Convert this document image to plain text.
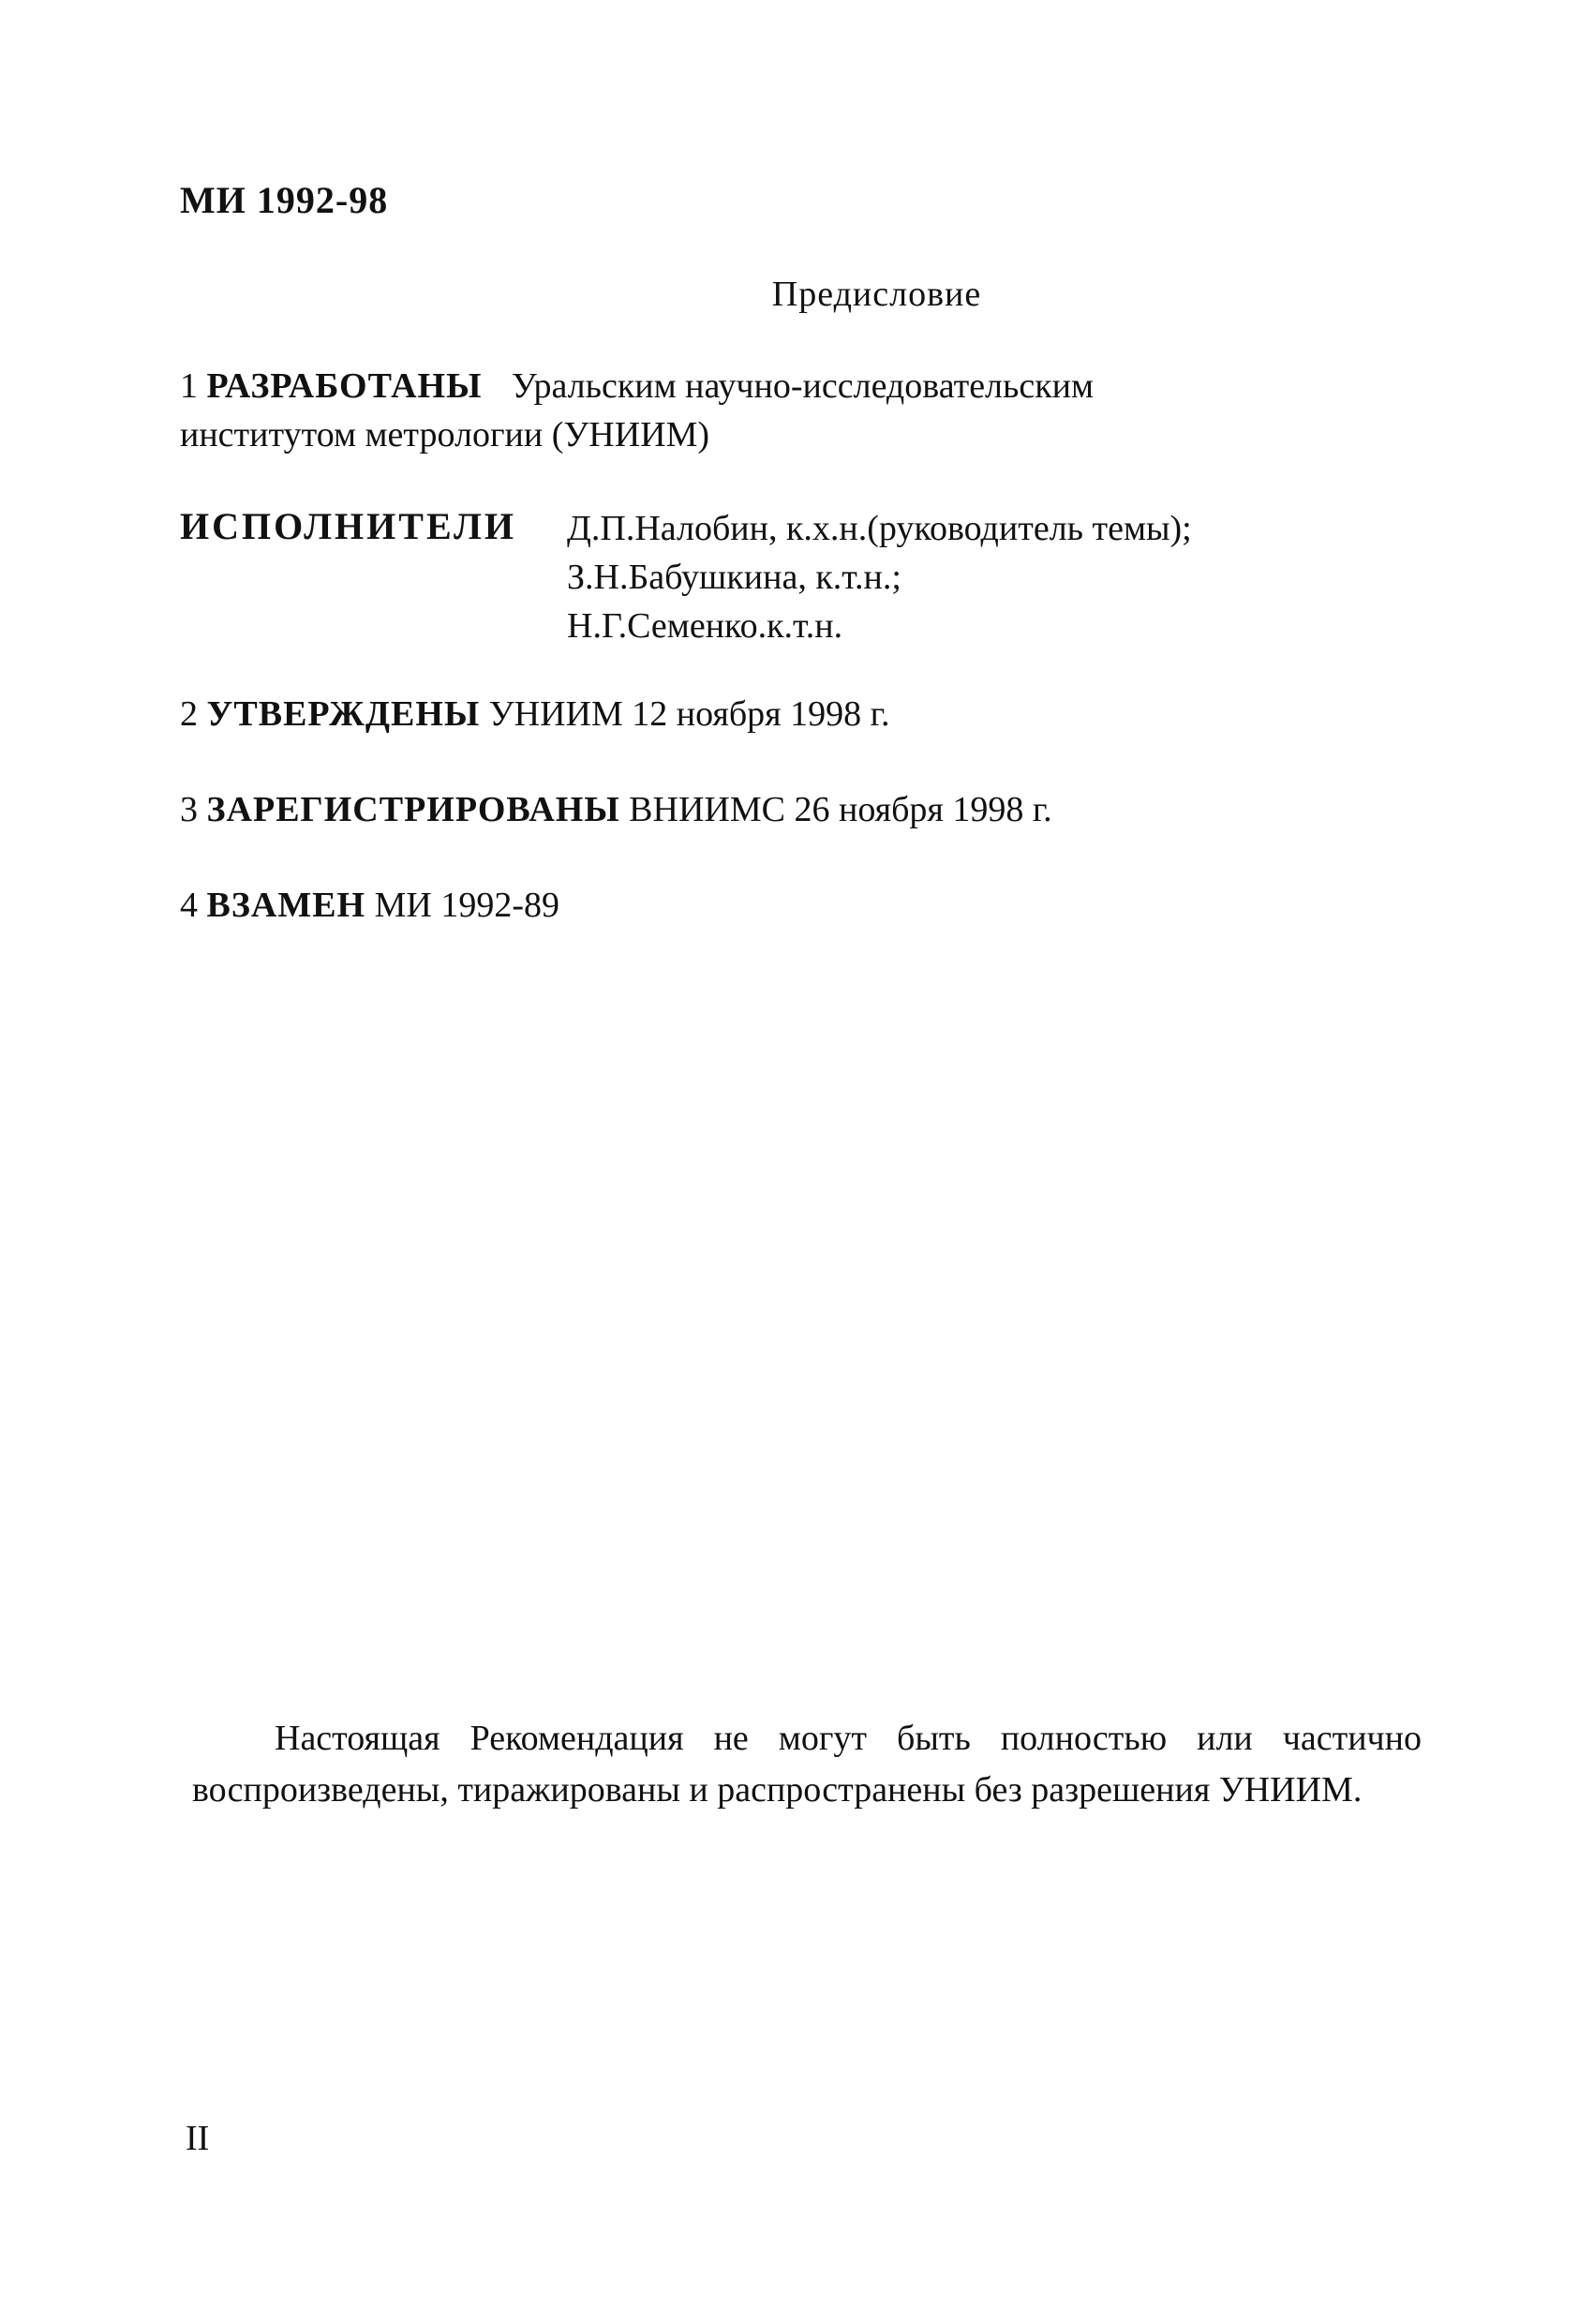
МИ 1992-98
Предисловие
1 РАЗРАБОТАНЫ Уральским научно-исследовательским
институтом метрологии (УНИИМ)
ИСПОЛНИТЕЛИ Д.П.Налобин, к.х.н.(руководитель темы);
З.Н.Бабушкина, к.т.н.;
Н.Г.Семенко.к.т.н.
2 УТВЕРЖДЕНЫ УНИИМ 12 ноября 1998 г.
3 ЗАРЕГИСТРИРОВАНЫ ВНИИМС 26 ноября 1998 г.
4 ВЗАМЕН МИ 1992-89
Настоящая Рекомендация не могут быть полностью или частично воспроизведены, тиражированы и распространены без разрешения УНИИМ.
II
